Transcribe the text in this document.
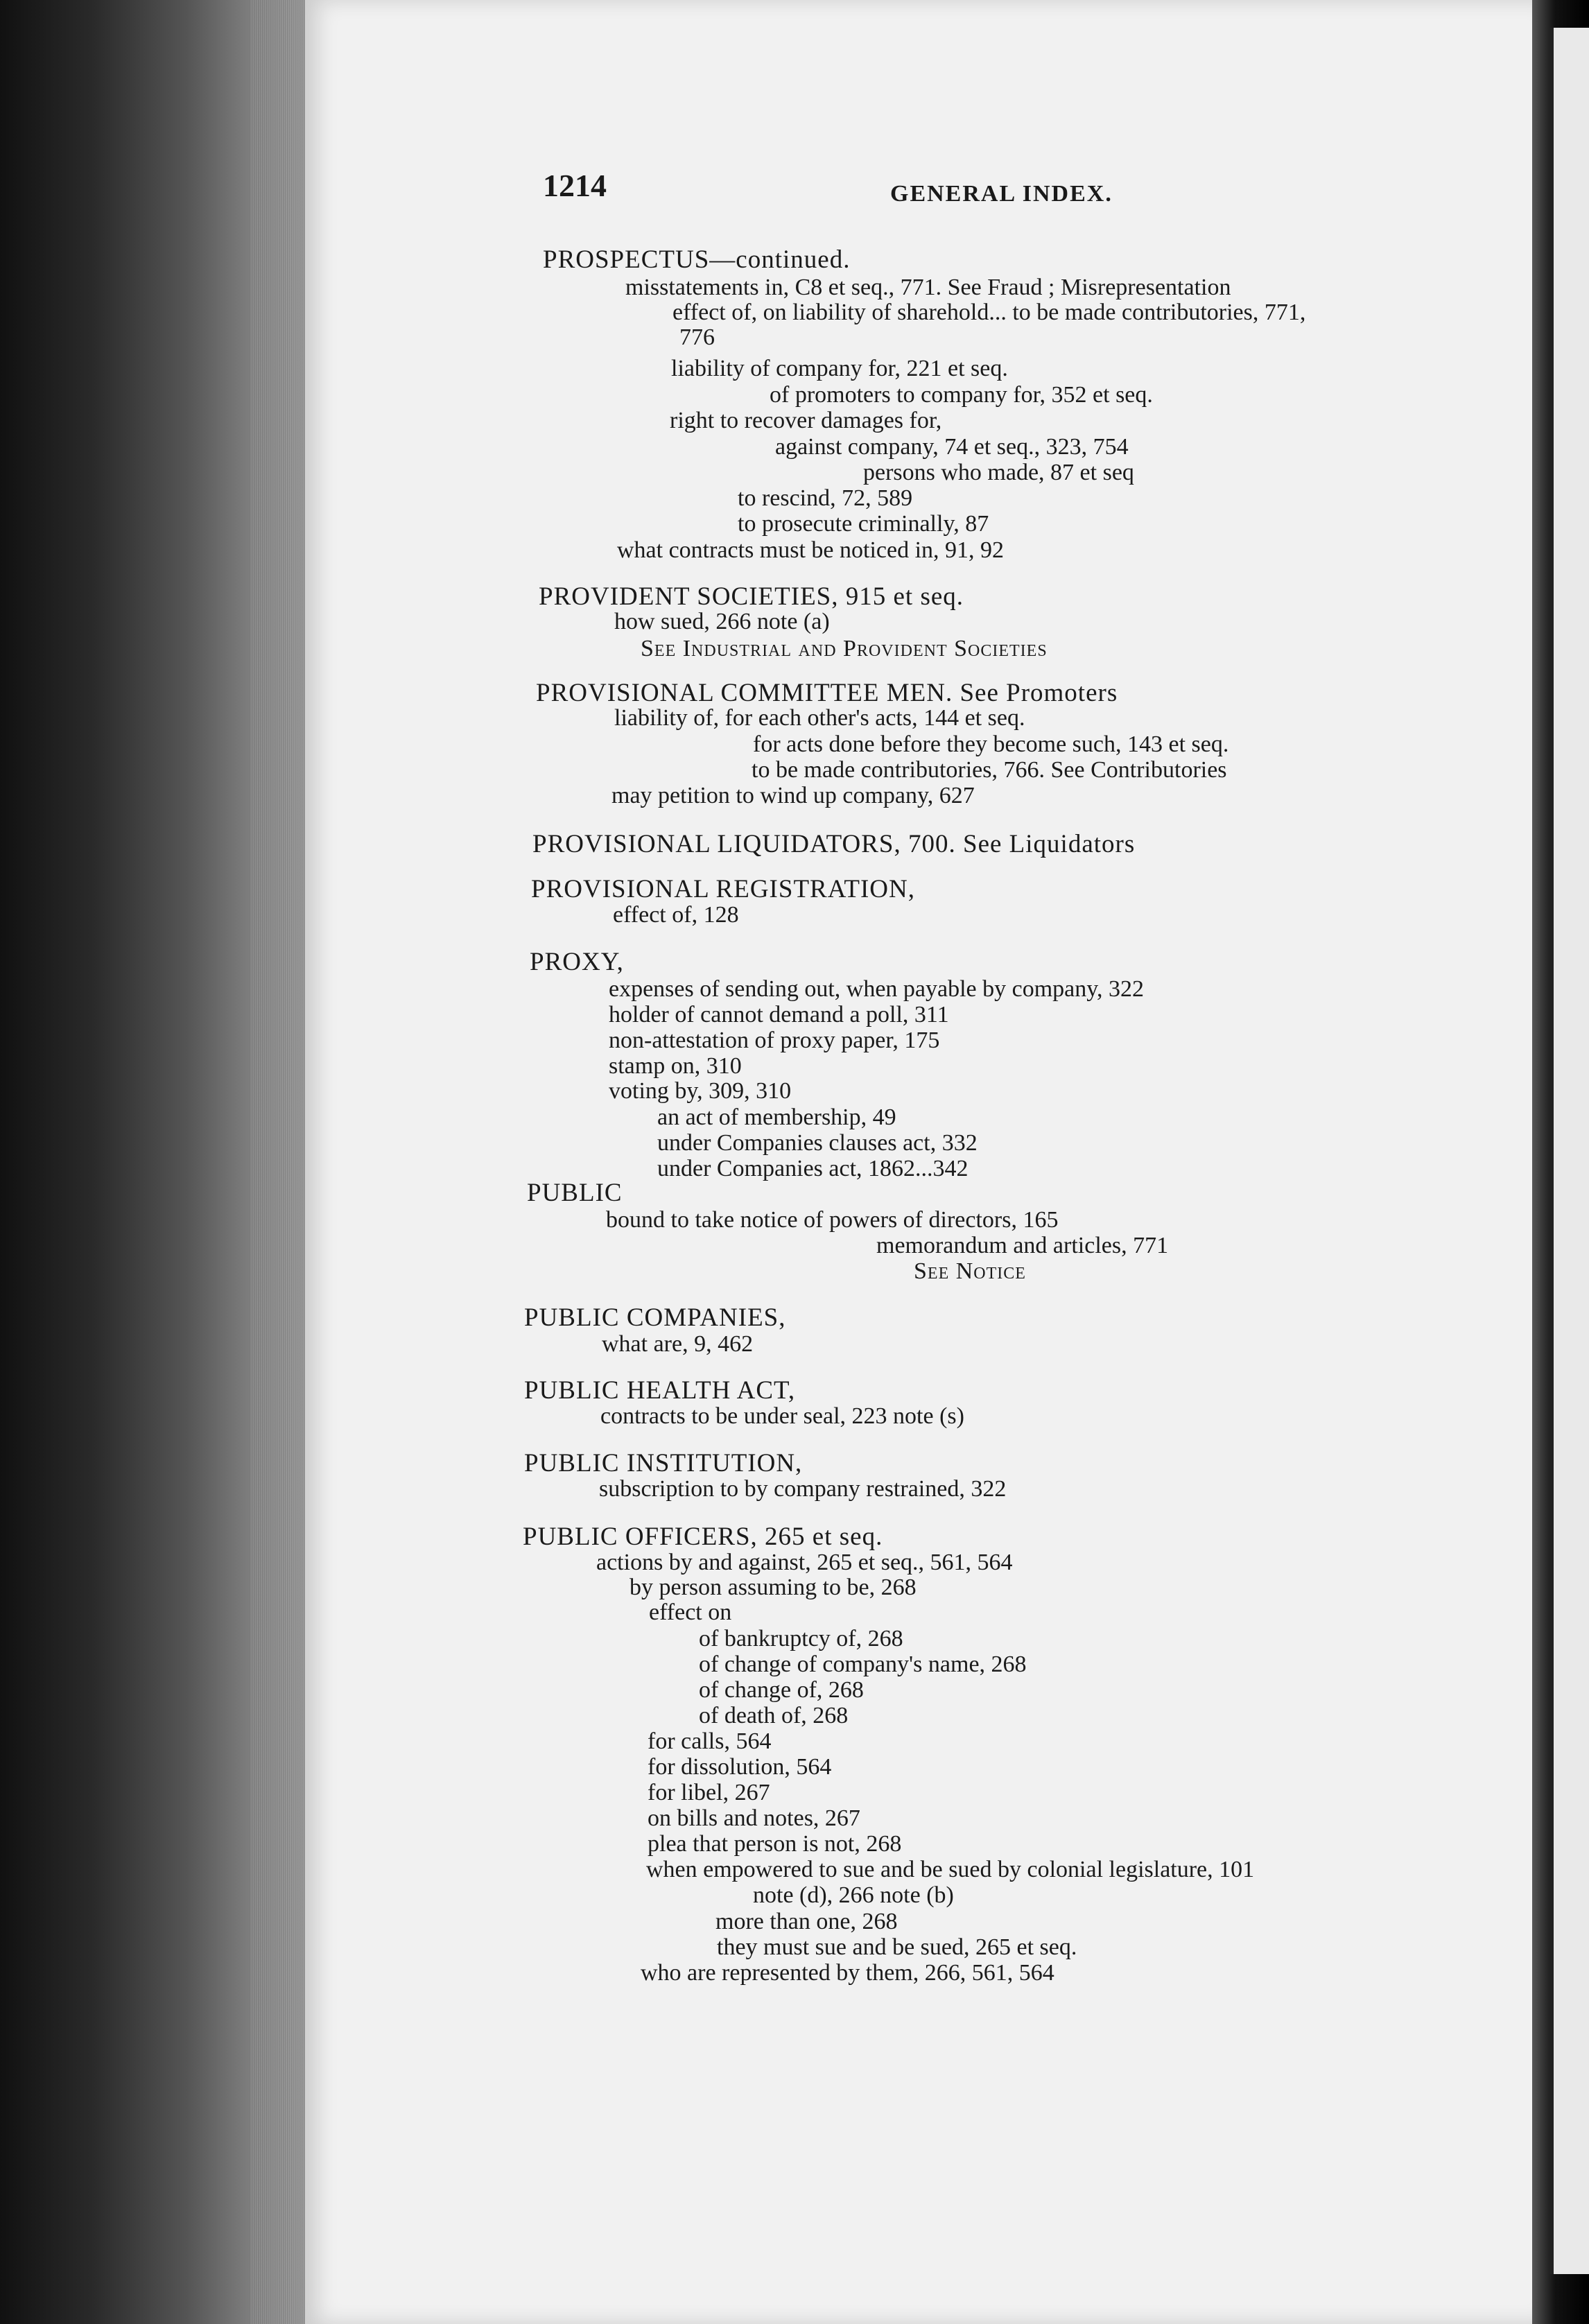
1214	GENERAL INDEX.
PROSPECTUS—continued.
misstatements in, C8 et seq., 771. See Fraud ; Misrepresentation
effect of, on liability of sharehold... to be made contributories, 771,
776
liability of company for, 221 et seq.
of promoters to company for, 352 et seq.
right to recover damages for,
against company, 74 et seq., 323, 754
persons who made, 87 et seq
to rescind, 72, 589
to prosecute criminally, 87
what contracts must be noticed in, 91, 92
PROVIDENT SOCIETIES, 915 et seq.
how sued, 266 note (a)
See Industrial and Provident Societies
PROVISIONAL COMMITTEE MEN. See Promoters
liability of, for each other's acts, 144 et seq.
for acts done before they become such, 143 et seq.
to be made contributories, 766. See Contributories
may petition to wind up company, 627
PROVISIONAL LIQUIDATORS, 700. See Liquidators
PROVISIONAL REGISTRATION,
effect of, 128
PROXY,
expenses of sending out, when payable by company, 322
holder of cannot demand a poll, 311
non-attestation of proxy paper, 175
stamp on, 310
voting by, 309, 310
an act of membership, 49
under Companies clauses act, 332
under Companies act, 1862...342
PUBLIC
bound to take notice of powers of directors, 165
memorandum and articles, 771
See Notice
PUBLIC COMPANIES,
what are, 9, 462
PUBLIC HEALTH ACT,
contracts to be under seal, 223 note (s)
PUBLIC INSTITUTION,
subscription to by company restrained, 322
PUBLIC OFFICERS, 265 et seq.
actions by and against, 265 et seq., 561, 564
by person assuming to be, 268
effect on
of bankruptcy of, 268
of change of company's name, 268
of change of, 268
of death of, 268
for calls, 564
for dissolution, 564
for libel, 267
on bills and notes, 267
plea that person is not, 268
when empowered to sue and be sued by colonial legislature, 101
note (d), 266 note (b)
more than one, 268
they must sue and be sued, 265 et seq.
who are represented by them, 266, 561, 564
